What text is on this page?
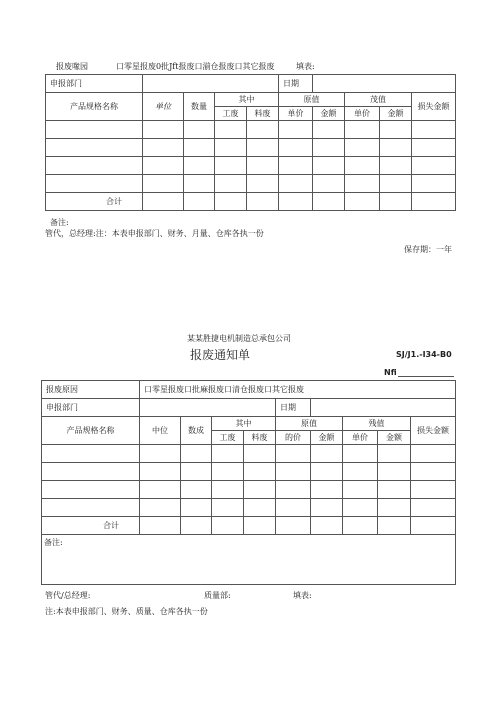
报废喙园	口零星报废0批Jft报废口湔仓报废口其它报废	填表:
申报部门					日期				
产品规格名称	单位	数量	其中		原值		茂值		损失金额
			工废	料废	单价	金额	单价	金额	

合计									
备注:
管代，总经理:注：本表申报部门、财务、月量、仓库各执一份
保存期：一年
某某胜捷电机制造总承包公司
报废通知单	SJ/J1.-I34-B0
Nfi
报废原因	口零星报废口批麻报废口清仓报废口其它报废								
申报部门					日期				
产品规格名称	中位	数成	其中		原值		残值		损失金额
			工废	料废	的价	金额	单价	金额	

合计									
备注:									
管代/总经理:	质量部:	填表:
注:本表申报部门、财务、质量、仓库各执一份
